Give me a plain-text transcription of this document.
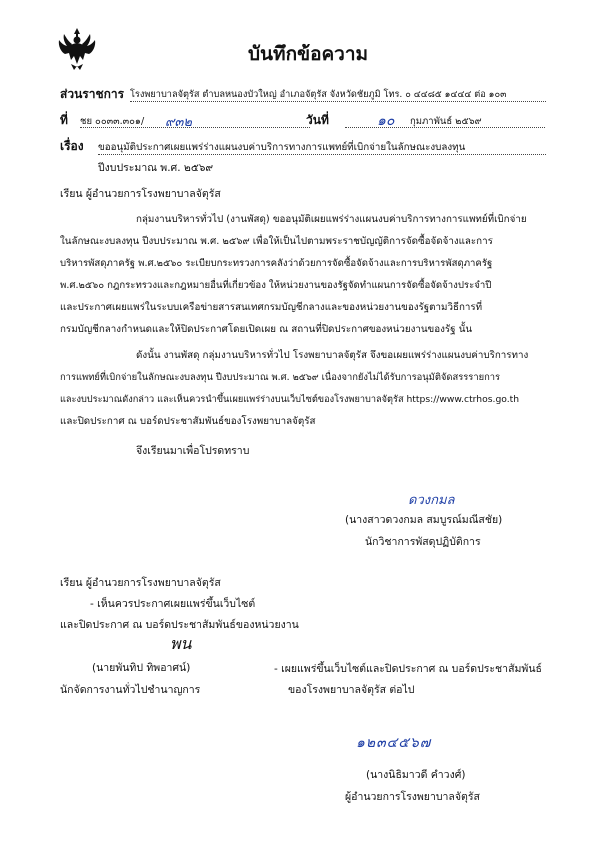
บันทึกข้อความ
ส่วนราชการ โรงพยาบาลจัตุรัส ตำบลหนองบัวใหญ่ อำเภอจัตุรัส จังหวัดชัยภูมิ โทร. ๐ ๔๔๘๕ ๑๔๔๔ ต่อ ๑๐๓
ที่ ชย ๐๐๓๓.๓๐๑/ ๙๓๒	วันที่	๑๐ กุมภาพันธ์ ๒๕๖๙
เรื่อง ขออนุมัติประกาศเผยแพร่ร่างแผนงบค่าบริการทางการแพทย์ที่เบิกจ่ายในลักษณะงบลงทุน
ปีงบประมาณ พ.ศ. ๒๕๖๙
เรียน ผู้อำนวยการโรงพยาบาลจัตุรัส
กลุ่มงานบริหารทั่วไป (งานพัสดุ) ขออนุมัติเผยแพร่ร่างแผนงบค่าบริการทางการแพทย์ที่เบิกจ่าย
ในลักษณะงบลงทุน ปีงบประมาณ พ.ศ. ๒๕๖๙ เพื่อให้เป็นไปตามพระราชบัญญัติการจัดซื้อจัดจ้างและการ
บริหารพัสดุภาครัฐ พ.ศ.๒๕๖๐ ระเบียบกระทรวงการคลังว่าด้วยการจัดซื้อจัดจ้างและการบริหารพัสดุภาครัฐ
พ.ศ.๒๕๖๐ กฎกระทรวงและกฎหมายอื่นที่เกี่ยวข้อง ให้หน่วยงานของรัฐจัดทำแผนการจัดซื้อจัดจ้างประจำปี
และประกาศเผยแพร่ในระบบเครือข่ายสารสนเทศกรมบัญชีกลางและของหน่วยงานของรัฐตามวิธีการที่
กรมบัญชีกลางกำหนดและให้ปิดประกาศโดยเปิดเผย ณ สถานที่ปิดประกาศของหน่วยงานของรัฐ นั้น
ดังนั้น งานพัสดุ กลุ่มงานบริหารทั่วไป โรงพยาบาลจัตุรัส จึงขอเผยแพร่ร่างแผนงบค่าบริการทาง
การแพทย์ที่เบิกจ่ายในลักษณะงบลงทุน ปีงบประมาณ พ.ศ. ๒๕๖๙ เนื่องจากยังไม่ได้รับการอนุมัติจัดสรรรายการ
และงบประมาณดังกล่าว และเห็นควรนำขึ้นเผยแพร่ร่างบนเว็บไซต์ของโรงพยาบาลจัตุรัส https://www.ctrhos.go.th
และปิดประกาศ ณ บอร์ดประชาสัมพันธ์ของโรงพยาบาลจัตุรัส
จึงเรียนมาเพื่อโปรดทราบ
ดวงกมล
(นางสาวดวงกมล สมบูรณ์มณีสชัย)
นักวิชาการพัสดุปฏิบัติการ
เรียน ผู้อำนวยการโรงพยาบาลจัตุรัส
- เห็นควรประกาศเผยแพร่ขึ้นเว็บไซต์
และปิดประกาศ ณ บอร์ดประชาสัมพันธ์ของหน่วยงาน
พน
(นายพันทิป ทิพอาศน์)
นักจัดการงานทั่วไปชำนาญการ
- เผยแพร่ขึ้นเว็บไซต์และปิดประกาศ ณ บอร์ดประชาสัมพันธ์
ของโรงพยาบาลจัตุรัส ต่อไป
๑๒๓๔๕๖๗
(นางนิธิมาวดี คำวงศ์)
ผู้อำนวยการโรงพยาบาลจัตุรัส
